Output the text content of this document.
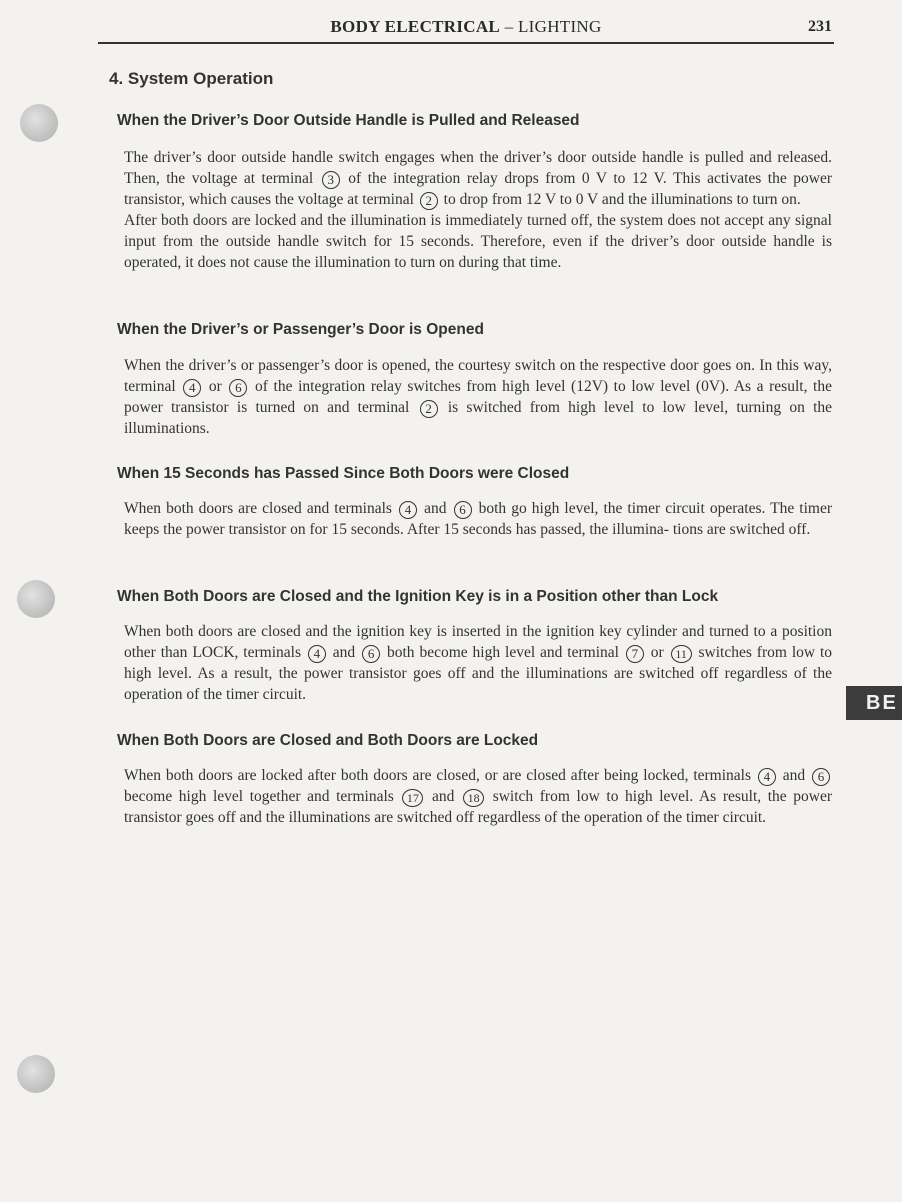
BODY ELECTRICAL – LIGHTING	231
4. System Operation
When the Driver’s Door Outside Handle is Pulled and Released

The driver’s door outside handle switch engages when the driver’s door outside handle is pulled and released. Then, the voltage at terminal 3 of the integration relay drops from 0 V to 12 V. This activates the power transistor, which causes the voltage at terminal 2 to drop from 12 V to 0 V and the illuminations to turn on.

After both doors are locked and the illumination is immediately turned off, the system does not accept any signal input from the outside handle switch for 15 seconds. Therefore, even if the driver’s door outside handle is operated, it does not cause the illumination to turn on during that time.

When the Driver’s or Passenger’s Door is Opened

When the driver’s or passenger’s door is opened, the courtesy switch on the respective door goes on. In this way, terminal 4 or 6 of the integration relay switches from high level (12V) to low level (0V). As a result, the power transistor is turned on and terminal 2 is switched from high level to low level, turning on the illuminations.

When 15 Seconds has Passed Since Both Doors were Closed

When both doors are closed and terminals 4 and 6 both go high level, the timer circuit operates. The timer keeps the power transistor on for 15 seconds. After 15 seconds has passed, the illumina- tions are switched off.

When Both Doors are Closed and the Ignition Key is in a Position other than Lock

When both doors are closed and the ignition key is inserted in the ignition key cylinder and turned to a position other than LOCK, terminals 4 and 6 both become high level and terminal 7 or 11 switches from low to high level. As a result, the power transistor goes off and the illuminations are switched off regardless of the operation of the timer circuit.

When Both Doors are Closed and Both Doors are Locked

When both doors are locked after both doors are closed, or are closed after being locked, terminals 4 and 6 become high level together and terminals 17 and 18 switch from low to high level. As result, the power transistor goes off and the illuminations are switched off regardless of the operation of the timer circuit.

BE
